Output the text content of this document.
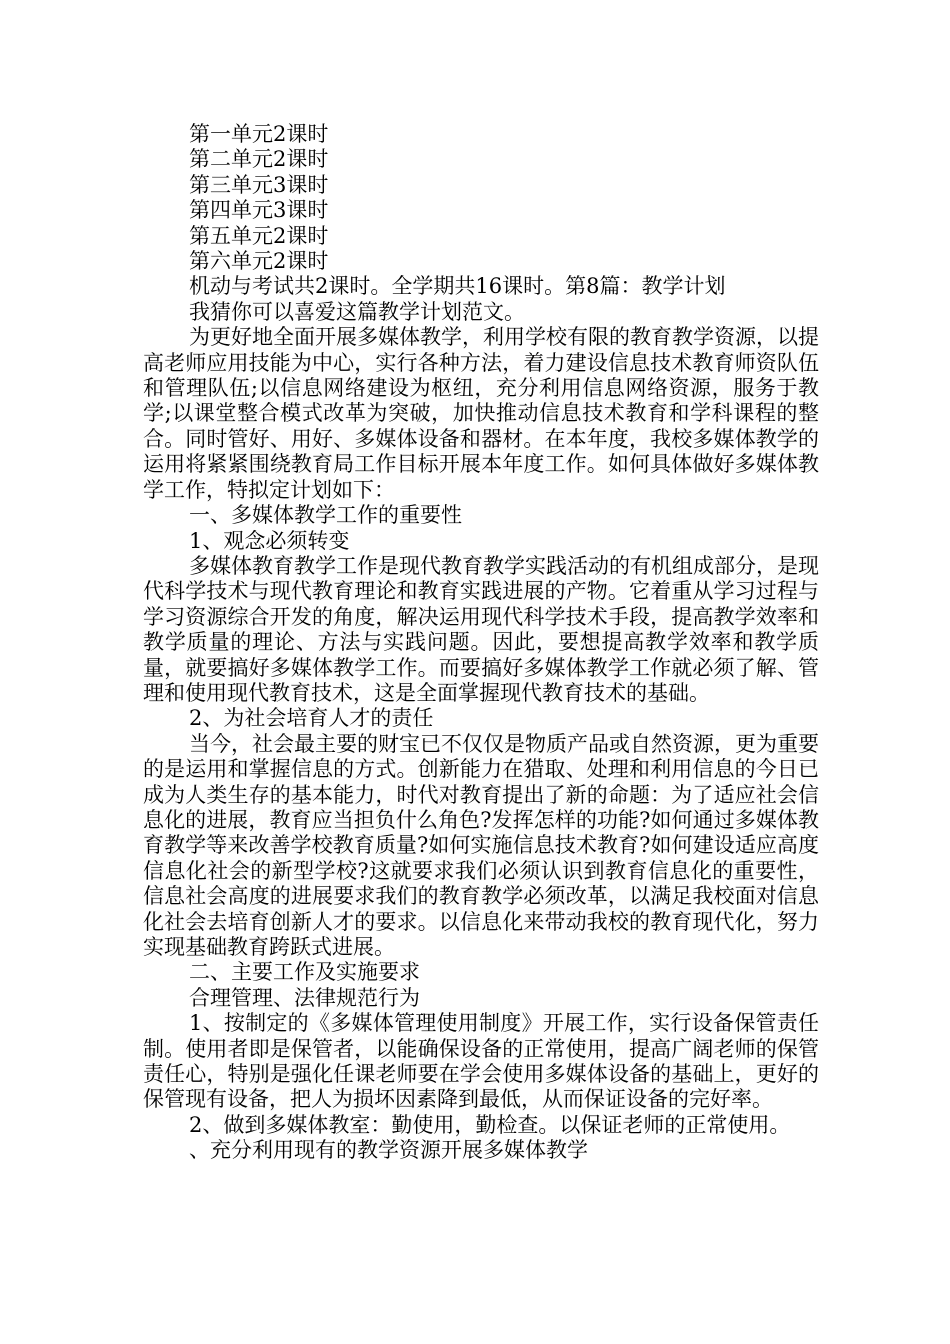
第一单元2课时

第二单元2课时

第三单元3课时

第四单元3课时

第五单元2课时

第六单元2课时

机动与考试共2课时。全学期共16课时。第8篇：教学计划

我猜你可以喜爱这篇教学计划范文。

为更好地全面开展多媒体教学，利用学校有限的教育教学资源，以提高老师应用技能为中心，实行各种方法，着力建设信息技术教育师资队伍和管理队伍;以信息网络建设为枢纽，充分利用信息网络资源，服务于教学;以课堂整合模式改革为突破，加快推动信息技术教育和学科课程的整合。同时管好、用好、多媒体设备和器材。在本年度，我校多媒体教学的运用将紧紧围绕教育局工作目标开展本年度工作。如何具体做好多媒体教学工作，特拟定计划如下：

一、多媒体教学工作的重要性

1、观念必须转变

多媒体教育教学工作是现代教育教学实践活动的有机组成部分，是现代科学技术与现代教育理论和教育实践进展的产物。它着重从学习过程与学习资源综合开发的角度，解决运用现代科学技术手段，提高教学效率和教学质量的理论、方法与实践问题。因此，要想提高教学效率和教学质量，就要搞好多媒体教学工作。而要搞好多媒体教学工作就必须了解、管理和使用现代教育技术，这是全面掌握现代教育技术的基础。

2、为社会培育人才的责任

当今，社会最主要的财宝已不仅仅是物质产品或自然资源，更为重要的是运用和掌握信息的方式。创新能力在猎取、处理和利用信息的今日已成为人类生存的基本能力，时代对教育提出了新的命题：为了适应社会信息化的进展，教育应当担负什么角色?发挥怎样的功能?如何通过多媒体教育教学等来改善学校教育质量?如何实施信息技术教育?如何建设适应高度信息化社会的新型学校?这就要求我们必须认识到教育信息化的重要性，信息社会高度的进展要求我们的教育教学必须改革，以满足我校面对信息化社会去培育创新人才的要求。以信息化来带动我校的教育现代化，努力实现基础教育跨跃式进展。

二、主要工作及实施要求

合理管理、法律规范行为

1、按制定的《多媒体管理使用制度》开展工作，实行设备保管责任制。使用者即是保管者，以能确保设备的正常使用，提高广阔老师的保管责任心，特别是强化任课老师要在学会使用多媒体设备的基础上，更好的保管现有设备，把人为损坏因素降到最低，从而保证设备的完好率。

2、做到多媒体教室：勤使用，勤检查。以保证老师的正常使用。

、充分利用现有的教学资源开展多媒体教学
